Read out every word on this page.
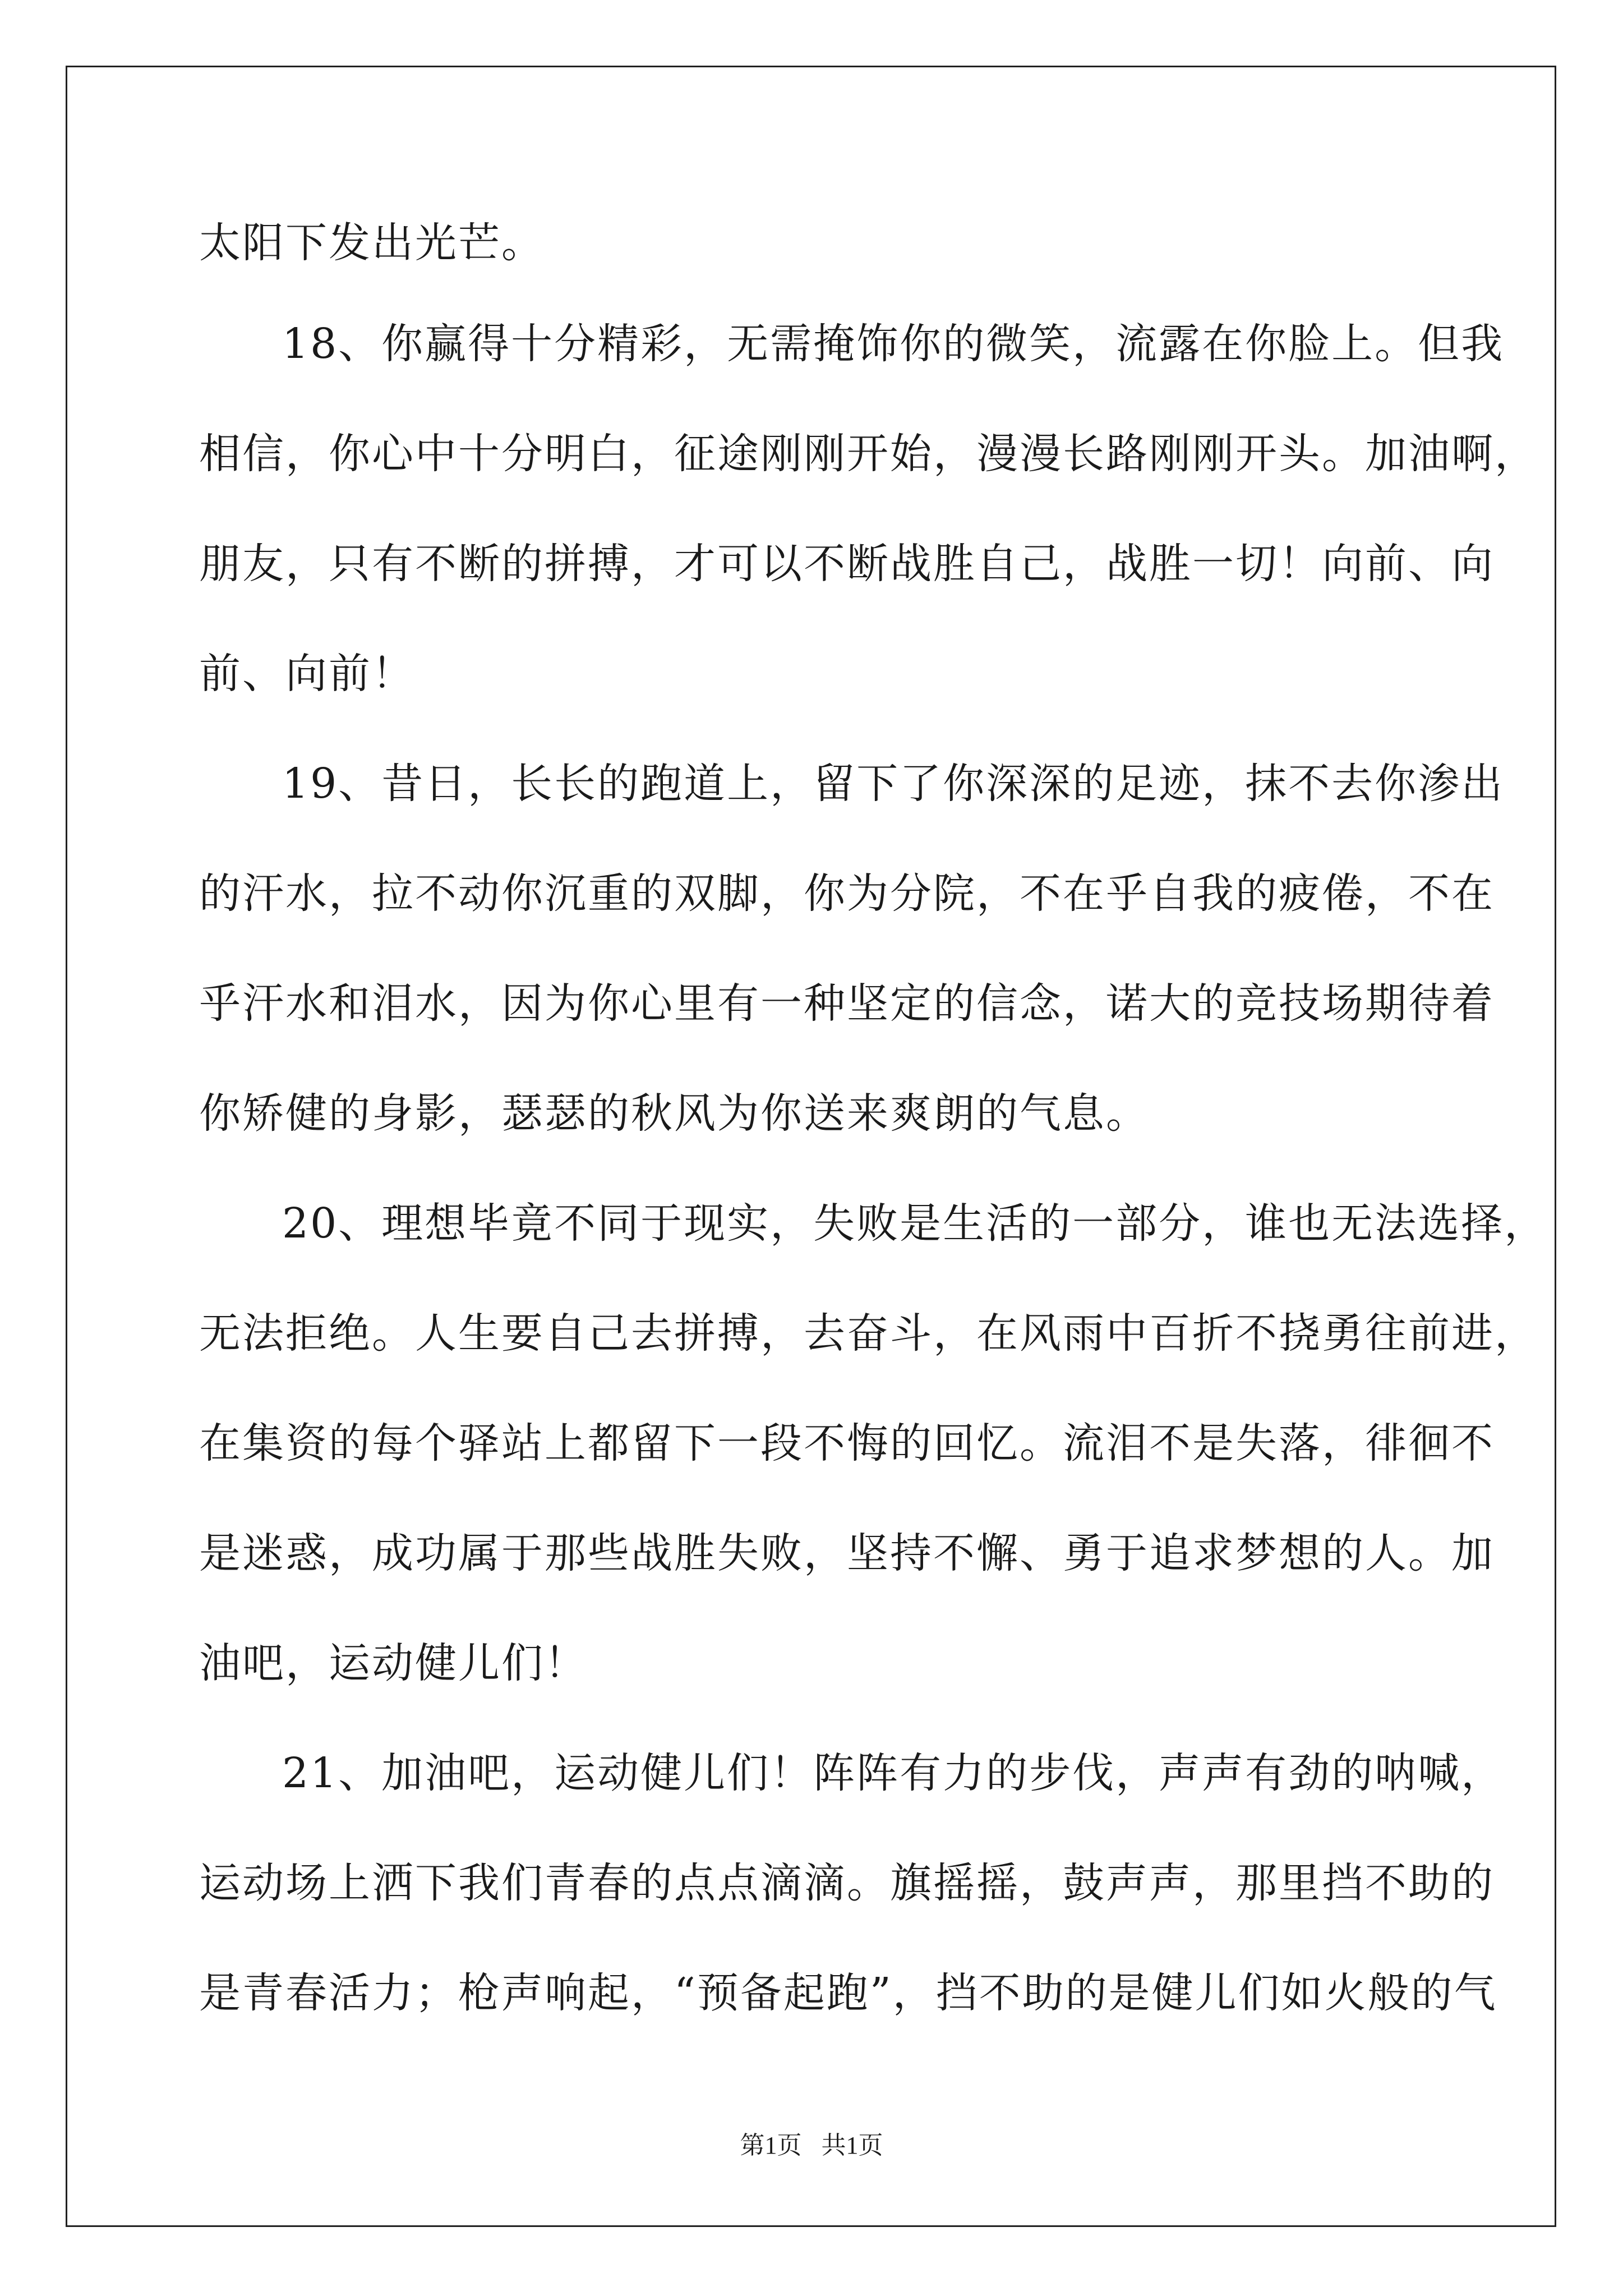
太阳下发出光芒。
18、你赢得十分精彩，无需掩饰你的微笑，流露在你脸上。但我
相信，你心中十分明白，征途刚刚开始，漫漫长路刚刚开头。加油啊，
朋友，只有不断的拼搏，才可以不断战胜自己，战胜一切！向前、向
前、向前！
19、昔日，长长的跑道上，留下了你深深的足迹，抹不去你渗出
的汗水，拉不动你沉重的双脚，你为分院，不在乎自我的疲倦，不在
乎汗水和泪水，因为你心里有一种坚定的信念，诺大的竞技场期待着
你矫健的身影，瑟瑟的秋风为你送来爽朗的气息。
20、理想毕竟不同于现实，失败是生活的一部分，谁也无法选择，
无法拒绝。人生要自己去拼搏，去奋斗，在风雨中百折不挠勇往前进，
在集资的每个驿站上都留下一段不悔的回忆。流泪不是失落，徘徊不
是迷惑，成功属于那些战胜失败，坚持不懈、勇于追求梦想的人。加
油吧，运动健儿们！
21、加油吧，运动健儿们！阵阵有力的步伐，声声有劲的呐喊，
运动场上洒下我们青春的点点滴滴。旗摇摇，鼓声声，那里挡不助的
是青春活力；枪声响起，“预备起跑”，挡不助的是健儿们如火般的气
第1页 共1页
